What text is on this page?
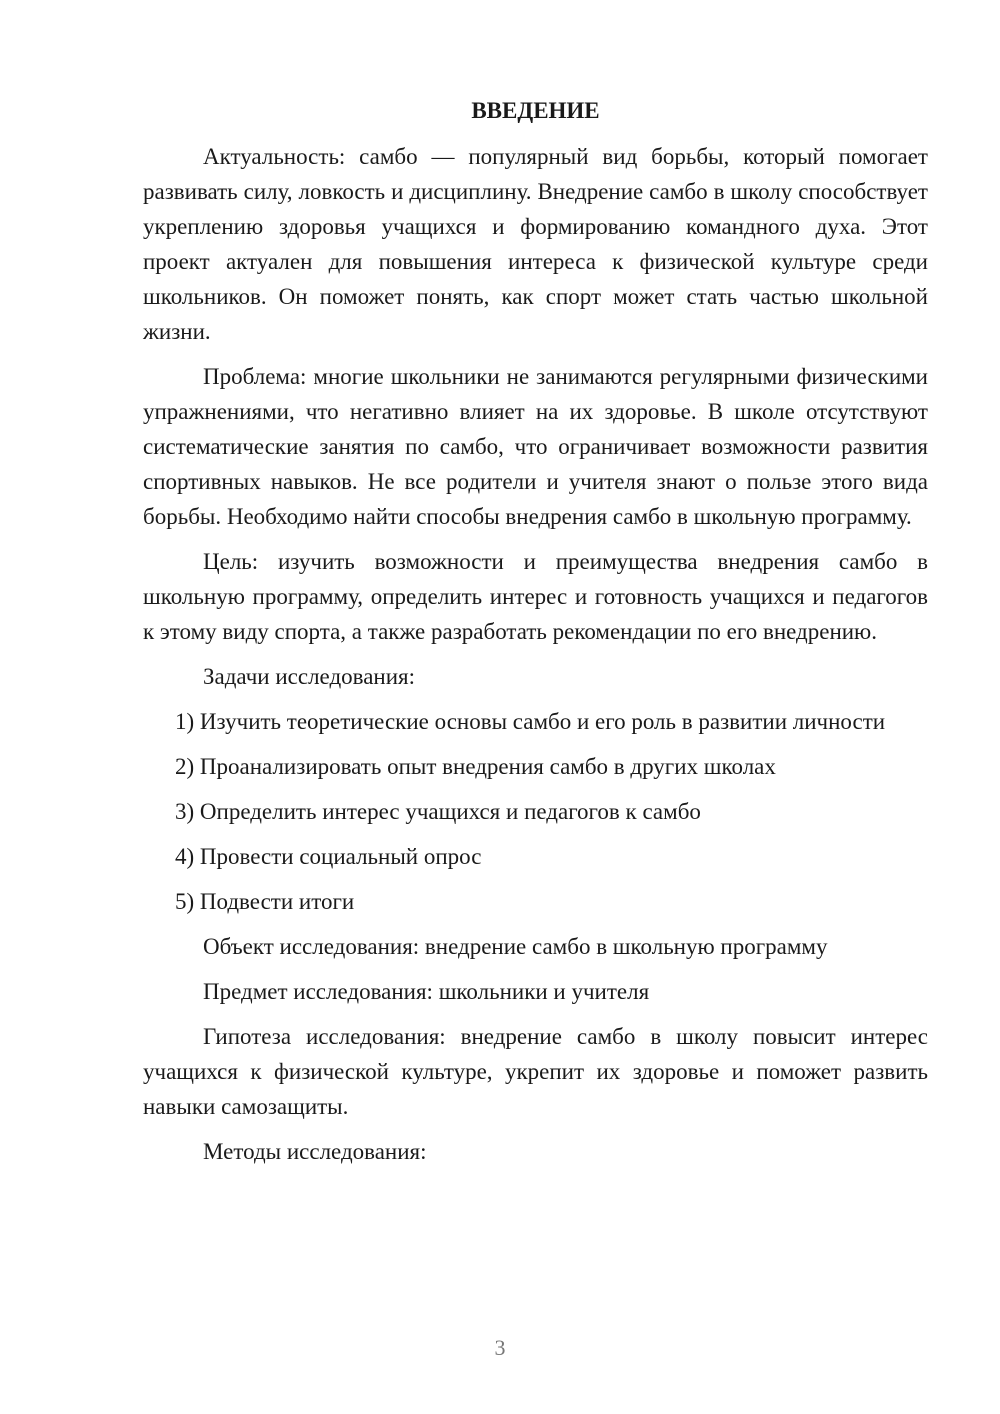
ВВЕДЕНИЕ
Актуальность: самбо — популярный вид борьбы, который помогает развивать силу, ловкость и дисциплину. Внедрение самбо в школу способствует укреплению здоровья учащихся и формированию командного духа. Этот проект актуален для повышения интереса к физической культуре среди школьников. Он поможет понять, как спорт может стать частью школьной жизни.
Проблема: многие школьники не занимаются регулярными физическими упражнениями, что негативно влияет на их здоровье. В школе отсутствуют систематические занятия по самбо, что ограничивает возможности развития спортивных навыков. Не все родители и учителя знают о пользе этого вида борьбы. Необходимо найти способы внедрения самбо в школьную программу.
Цель: изучить возможности и преимущества внедрения самбо в школьную программу, определить интерес и готовность учащихся и педагогов к этому виду спорта, а также разработать рекомендации по его внедрению.
Задачи исследования:
1) Изучить теоретические основы самбо и его роль в развитии личности
2) Проанализировать опыт внедрения самбо в других школах
3) Определить интерес учащихся и педагогов к самбо
4) Провести социальный опрос
5) Подвести итоги
Объект исследования: внедрение самбо в школьную программу
Предмет исследования: школьники и учителя
Гипотеза исследования: внедрение самбо в школу повысит интерес учащихся к физической культуре, укрепит их здоровье и поможет развить навыки самозащиты.
Методы исследования:
3
